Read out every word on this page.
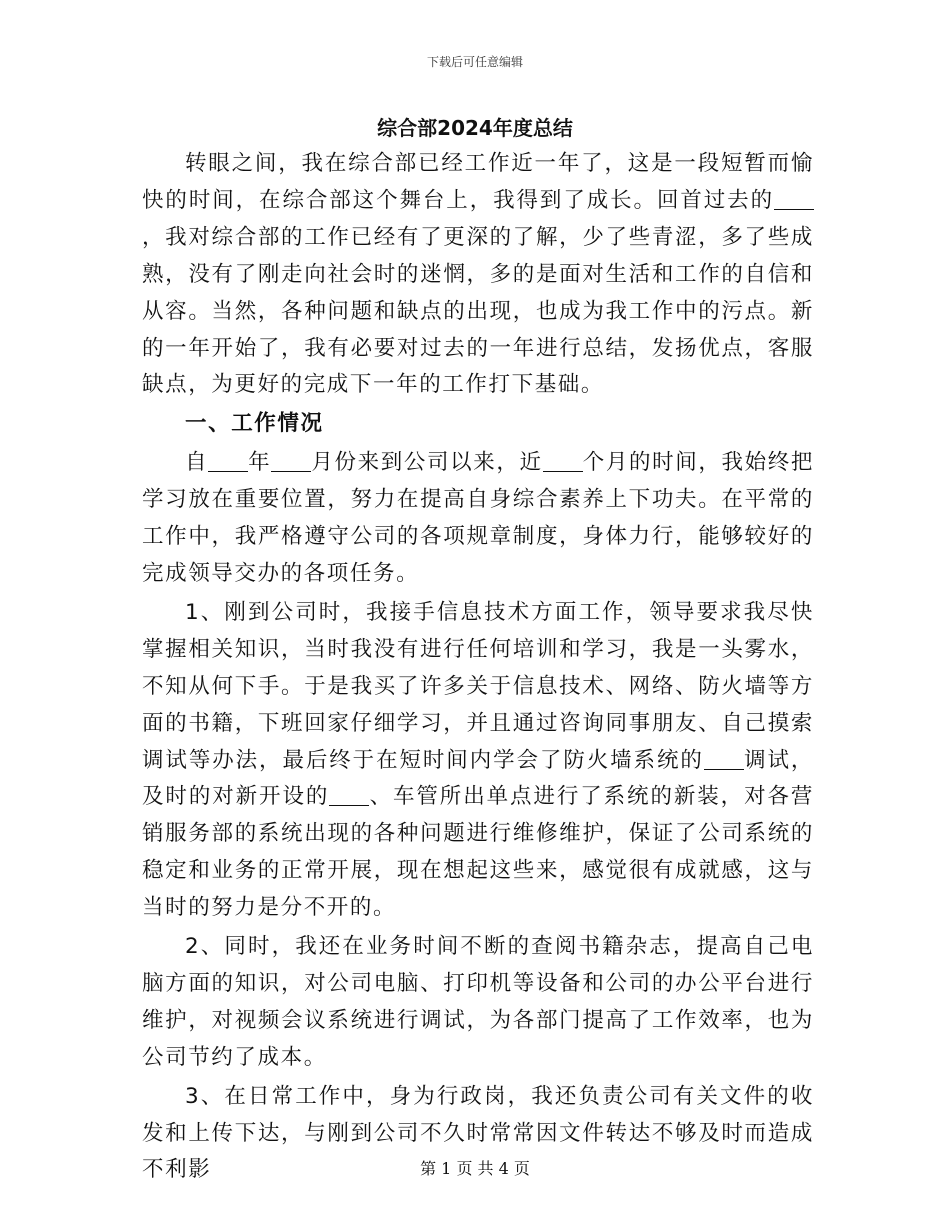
下载后可任意编辑
综合部2024年度总结

转眼之间，我在综合部已经工作近一年了，这是一段短暂而愉快的时间，在综合部这个舞台上，我得到了成长。回首过去的，我对综合部的工作已经有了更深的了解，少了些青涩，多了些成熟，没有了刚走向社会时的迷惘，多的是面对生活和工作的自信和从容。当然，各种问题和缺点的出现，也成为我工作中的污点。新的一年开始了，我有必要对过去的一年进行总结，发扬优点，客服缺点，为更好的完成下一年的工作打下基础。

一、工作情况

自 年 月份来到公司以来，近 个月的时间，我始终把学习放在重要位置，努力在提高自身综合素养上下功夫。在平常的工作中，我严格遵守公司的各项规章制度，身体力行，能够较好的完成领导交办的各项任务。

1、刚到公司时，我接手信息技术方面工作，领导要求我尽快掌握相关知识，当时我没有进行任何培训和学习，我是一头雾水，不知从何下手。于是我买了许多关于信息技术、网络、防火墙等方面的书籍，下班回家仔细学习，并且通过咨询同事朋友、自己摸索调试等办法，最后终于在短时间内学会了防火墙系统的 调试，及时的对新开设的 、车管所出单点进行了系统的新装，对各营销服务部的系统出现的各种问题进行维修维护，保证了公司系统的稳定和业务的正常开展，现在想起这些来，感觉很有成就感，这与当时的努力是分不开的。

2、同时，我还在业务时间不断的查阅书籍杂志，提高自己电脑方面的知识，对公司电脑、打印机等设备和公司的办公平台进行维护，对视频会议系统进行调试，为各部门提高了工作效率，也为公司节约了成本。

3、在日常工作中，身为行政岗，我还负责公司有关文件的收发和上传下达，与刚到公司不久时常常因文件转达不够及时而造成不利影	第 1 页 共 4 页
